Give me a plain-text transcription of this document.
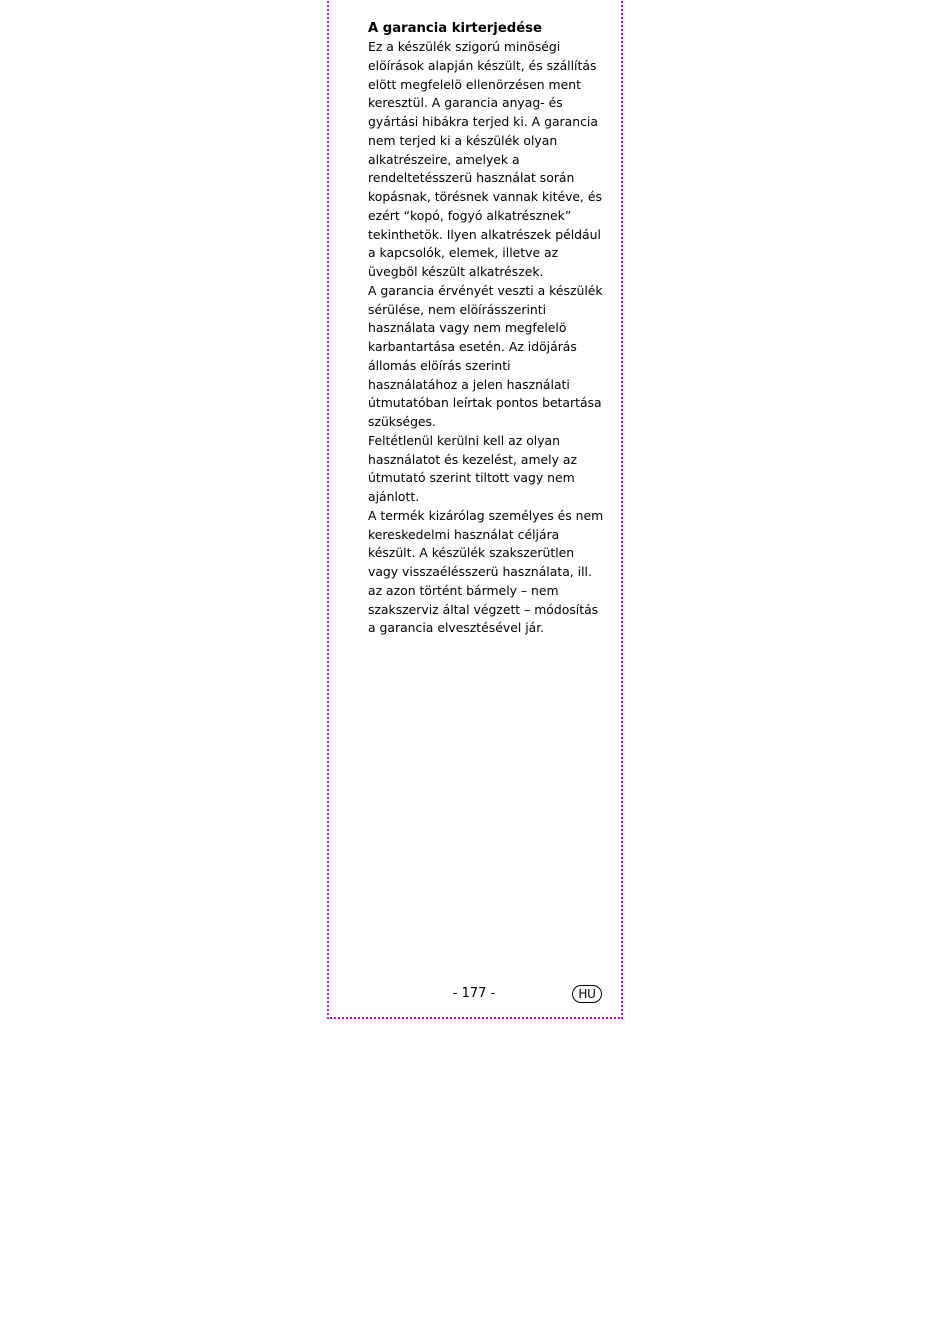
A garancia kirterjedése

Ez a készülék szigorú minöségi
elöírások alapján készült, és szállítás
elött megfelelö ellenörzésen ment
keresztül. A garancia anyag- és
gyártási hibákra terjed ki. A garancia
nem terjed ki a készülék olyan
alkatrészeire, amelyek a
rendeltetésszerü használat során
kopásnak, törésnek vannak kitéve, és
ezért “kopó, fogyó alkatrésznek”
tekinthetök. Ilyen alkatrészek például
a kapcsolók, elemek, illetve az
üvegböl készült alkatrészek.

A garancia érvényét veszti a készülék
sérülése, nem elöírásszerinti
használata vagy nem megfelelö
karbantartása esetén. Az idöjárás
állomás elöírás szerinti
használatához a jelen használati
útmutatóban leírtak pontos betartása
szükséges.

Feltétlenül kerülni kell az olyan
használatot és kezelést, amely az
útmutató szerint tiltott vagy nem
ajánlott.

A termék kizárólag személyes és nem
kereskedelmi használat céljára
készült. A készülék szakszerütlen
vagy visszaélésszerü használata, ill.
az azon történt bármely – nem
szakszerviz által végzett – módosítás
a garancia elvesztésével jár.

- 177 -	HU
